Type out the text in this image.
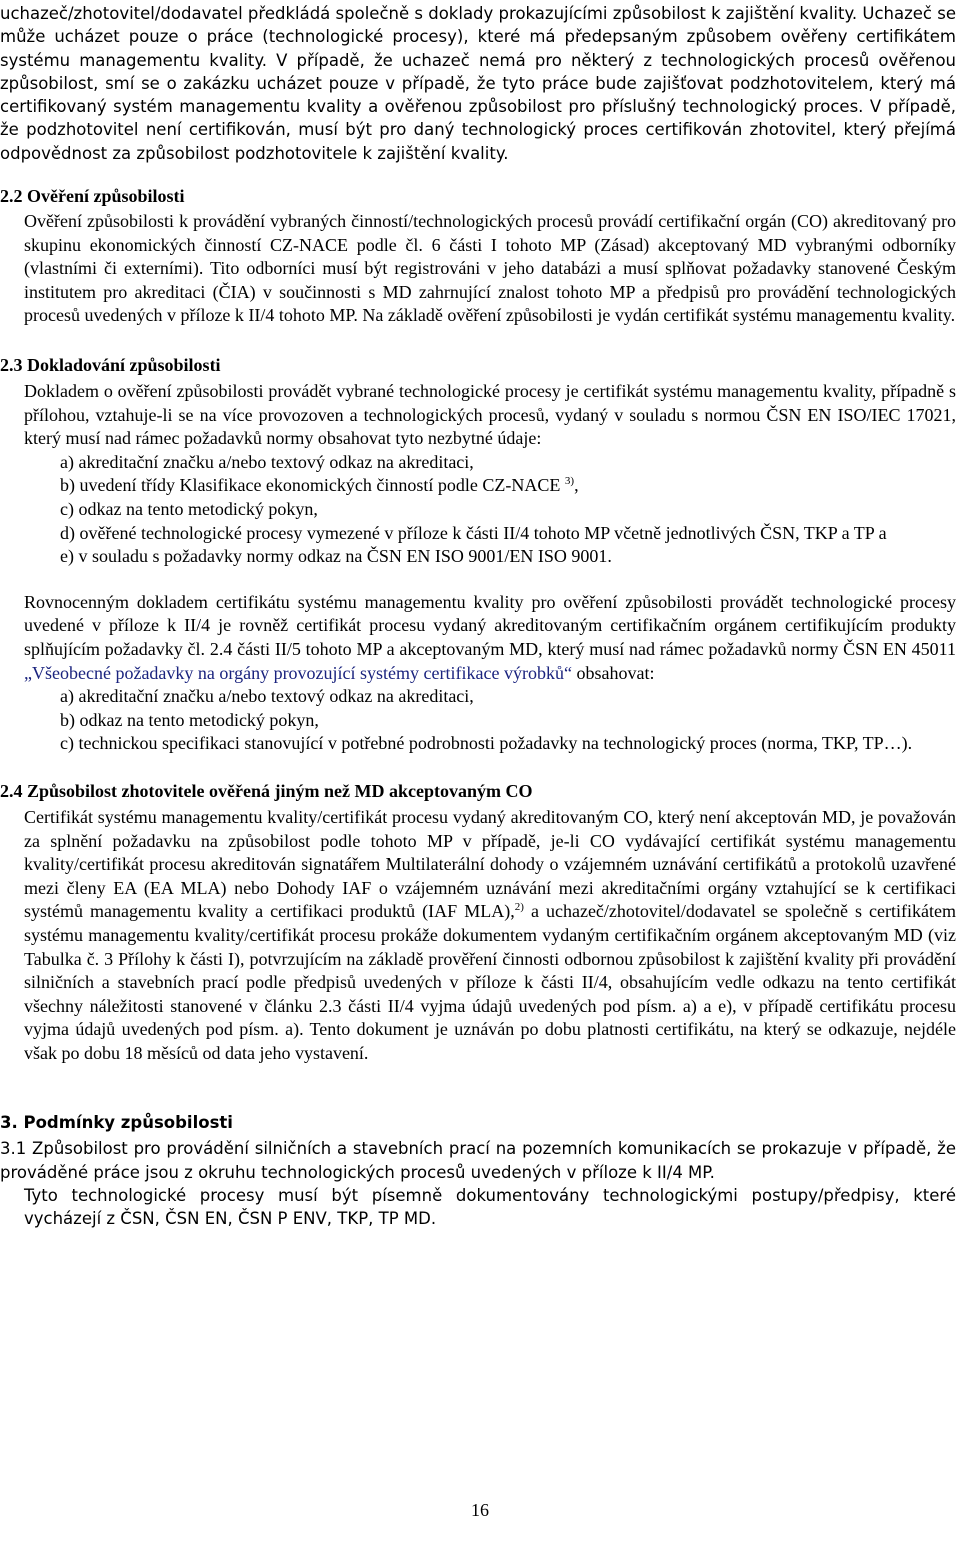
uchazeč/zhotovitel/dodavatel předkládá společně s doklady prokazujícími způsobilost k zajištění kvality. Uchazeč se může ucházet pouze o práce (technologické procesy), které má předepsaným způsobem ověřeny certifikátem systému managementu kvality. V případě, že uchazeč nemá pro některý z technologických procesů ověřenou způsobilost, smí se o zakázku ucházet pouze v případě, že tyto práce bude zajišťovat podzhotovitelem, který má certifikovaný systém managementu kvality a ověřenou způsobilost pro příslušný technologický proces. V případě, že podzhotovitel není certifikován, musí být pro daný technologický proces certifikován zhotovitel, který přejímá odpovědnost za způsobilost podzhotovitele k zajištění kvality.

2.2 Ověření způsobilosti

Ověření způsobilosti k provádění vybraných činností/technologických procesů provádí certifikační orgán (CO) akreditovaný pro skupinu ekonomických činností CZ-NACE podle čl. 6 části I tohoto MP (Zásad) akceptovaný MD vybranými odborníky (vlastními či externími). Tito odborníci musí být registrováni v jeho databázi a musí splňovat požadavky stanovené Českým institutem pro akreditaci (ČIA) v součinnosti s MD zahrnující znalost tohoto MP a předpisů pro provádění technologických procesů uvedených v příloze k II/4 tohoto MP. Na základě ověření způsobilosti je vydán certifikát systému managementu kvality.

2.3 Dokladování způsobilosti

Dokladem o ověření způsobilosti provádět vybrané technologické procesy je certifikát systému managementu kvality, případně s přílohou, vztahuje-li se na více provozoven a technologických procesů, vydaný v souladu s normou ČSN EN ISO/IEC 17021, který musí nad rámec požadavků normy obsahovat tyto nezbytné údaje:

a) akreditační značku a/nebo textový odkaz na akreditaci,
b) uvedení třídy Klasifikace ekonomických činností podle CZ-NACE $^{3)}$,
c) odkaz na tento metodický pokyn,
d) ověřené technologické procesy vymezené v příloze k části II/4 tohoto MP včetně jednotlivých ČSN, TKP a TP a
e) v souladu s požadavky normy odkaz na ČSN EN ISO 9001/EN ISO 9001.

Rovnocenným dokladem certifikátu systému managementu kvality pro ověření způsobilosti provádět technologické procesy uvedené v příloze k II/4 je rovněž certifikát procesu vydaný akreditovaným certifikačním orgánem certifikujícím produkty splňujícím požadavky čl. 2.4 části II/5 tohoto MP a akceptovaným MD, který musí nad rámec požadavků normy ČSN EN 45011 „Všeobecné požadavky na orgány provozující systémy certifikace výrobků“ obsahovat:

a) akreditační značku a/nebo textový odkaz na akreditaci,
b) odkaz na tento metodický pokyn,
c) technickou specifikaci stanovující v potřebné podrobnosti požadavky na technologický proces (norma, TKP, TP…).
2.4 Způsobilost zhotovitele ověřená jiným než MD akceptovaným CO

Certifikát systému managementu kvality/certifikát procesu vydaný akreditovaným CO, který není akceptován MD, je považován za splnění požadavku na způsobilost podle tohoto MP v případě, je-li CO vydávající certifikát systému managementu kvality/certifikát procesu akreditován signatářem Multilaterální dohody o vzájemném uznávání certifikátů a protokolů uzavřené mezi členy EA (EA MLA) nebo Dohody IAF o vzájemném uznávání mezi akreditačními orgány vztahující se k certifikaci systémů managementu kvality a certifikaci produktů (IAF MLA),$^{2)}$ a uchazeč/zhotovitel/dodavatel se společně s certifikátem systému managementu kvality/certifikát procesu prokáže dokumentem vydaným certifikačním orgánem akceptovaným MD (viz Tabulka č. 3 Přílohy k části I), potvrzujícím na základě prověření činnosti odbornou způsobilost k zajištění kvality při provádění silničních a stavebních prací podle předpisů uvedených v příloze k části II/4, obsahujícím vedle odkazu na tento certifikát všechny náležitosti stanovené v článku 2.3 části II/4 vyjma údajů uvedených pod písm. a) a e), v případě certifikátu procesu vyjma údajů uvedených pod písm. a). Tento dokument je uznáván po dobu platnosti certifikátu, na který se odkazuje, nejdéle však po dobu 18 měsíců od data jeho vystavení.

3. Podmínky způsobilosti

3.1 Způsobilost pro provádění silničních a stavebních prací na pozemních komunikacích se prokazuje v případě, že prováděné práce jsou z okruhu technologických procesů uvedených v příloze k II/4 MP.

Tyto technologické procesy musí být písemně dokumentovány technologickými postupy/předpisy, které vycházejí z ČSN, ČSN EN, ČSN P ENV, TKP, TP MD.

16
